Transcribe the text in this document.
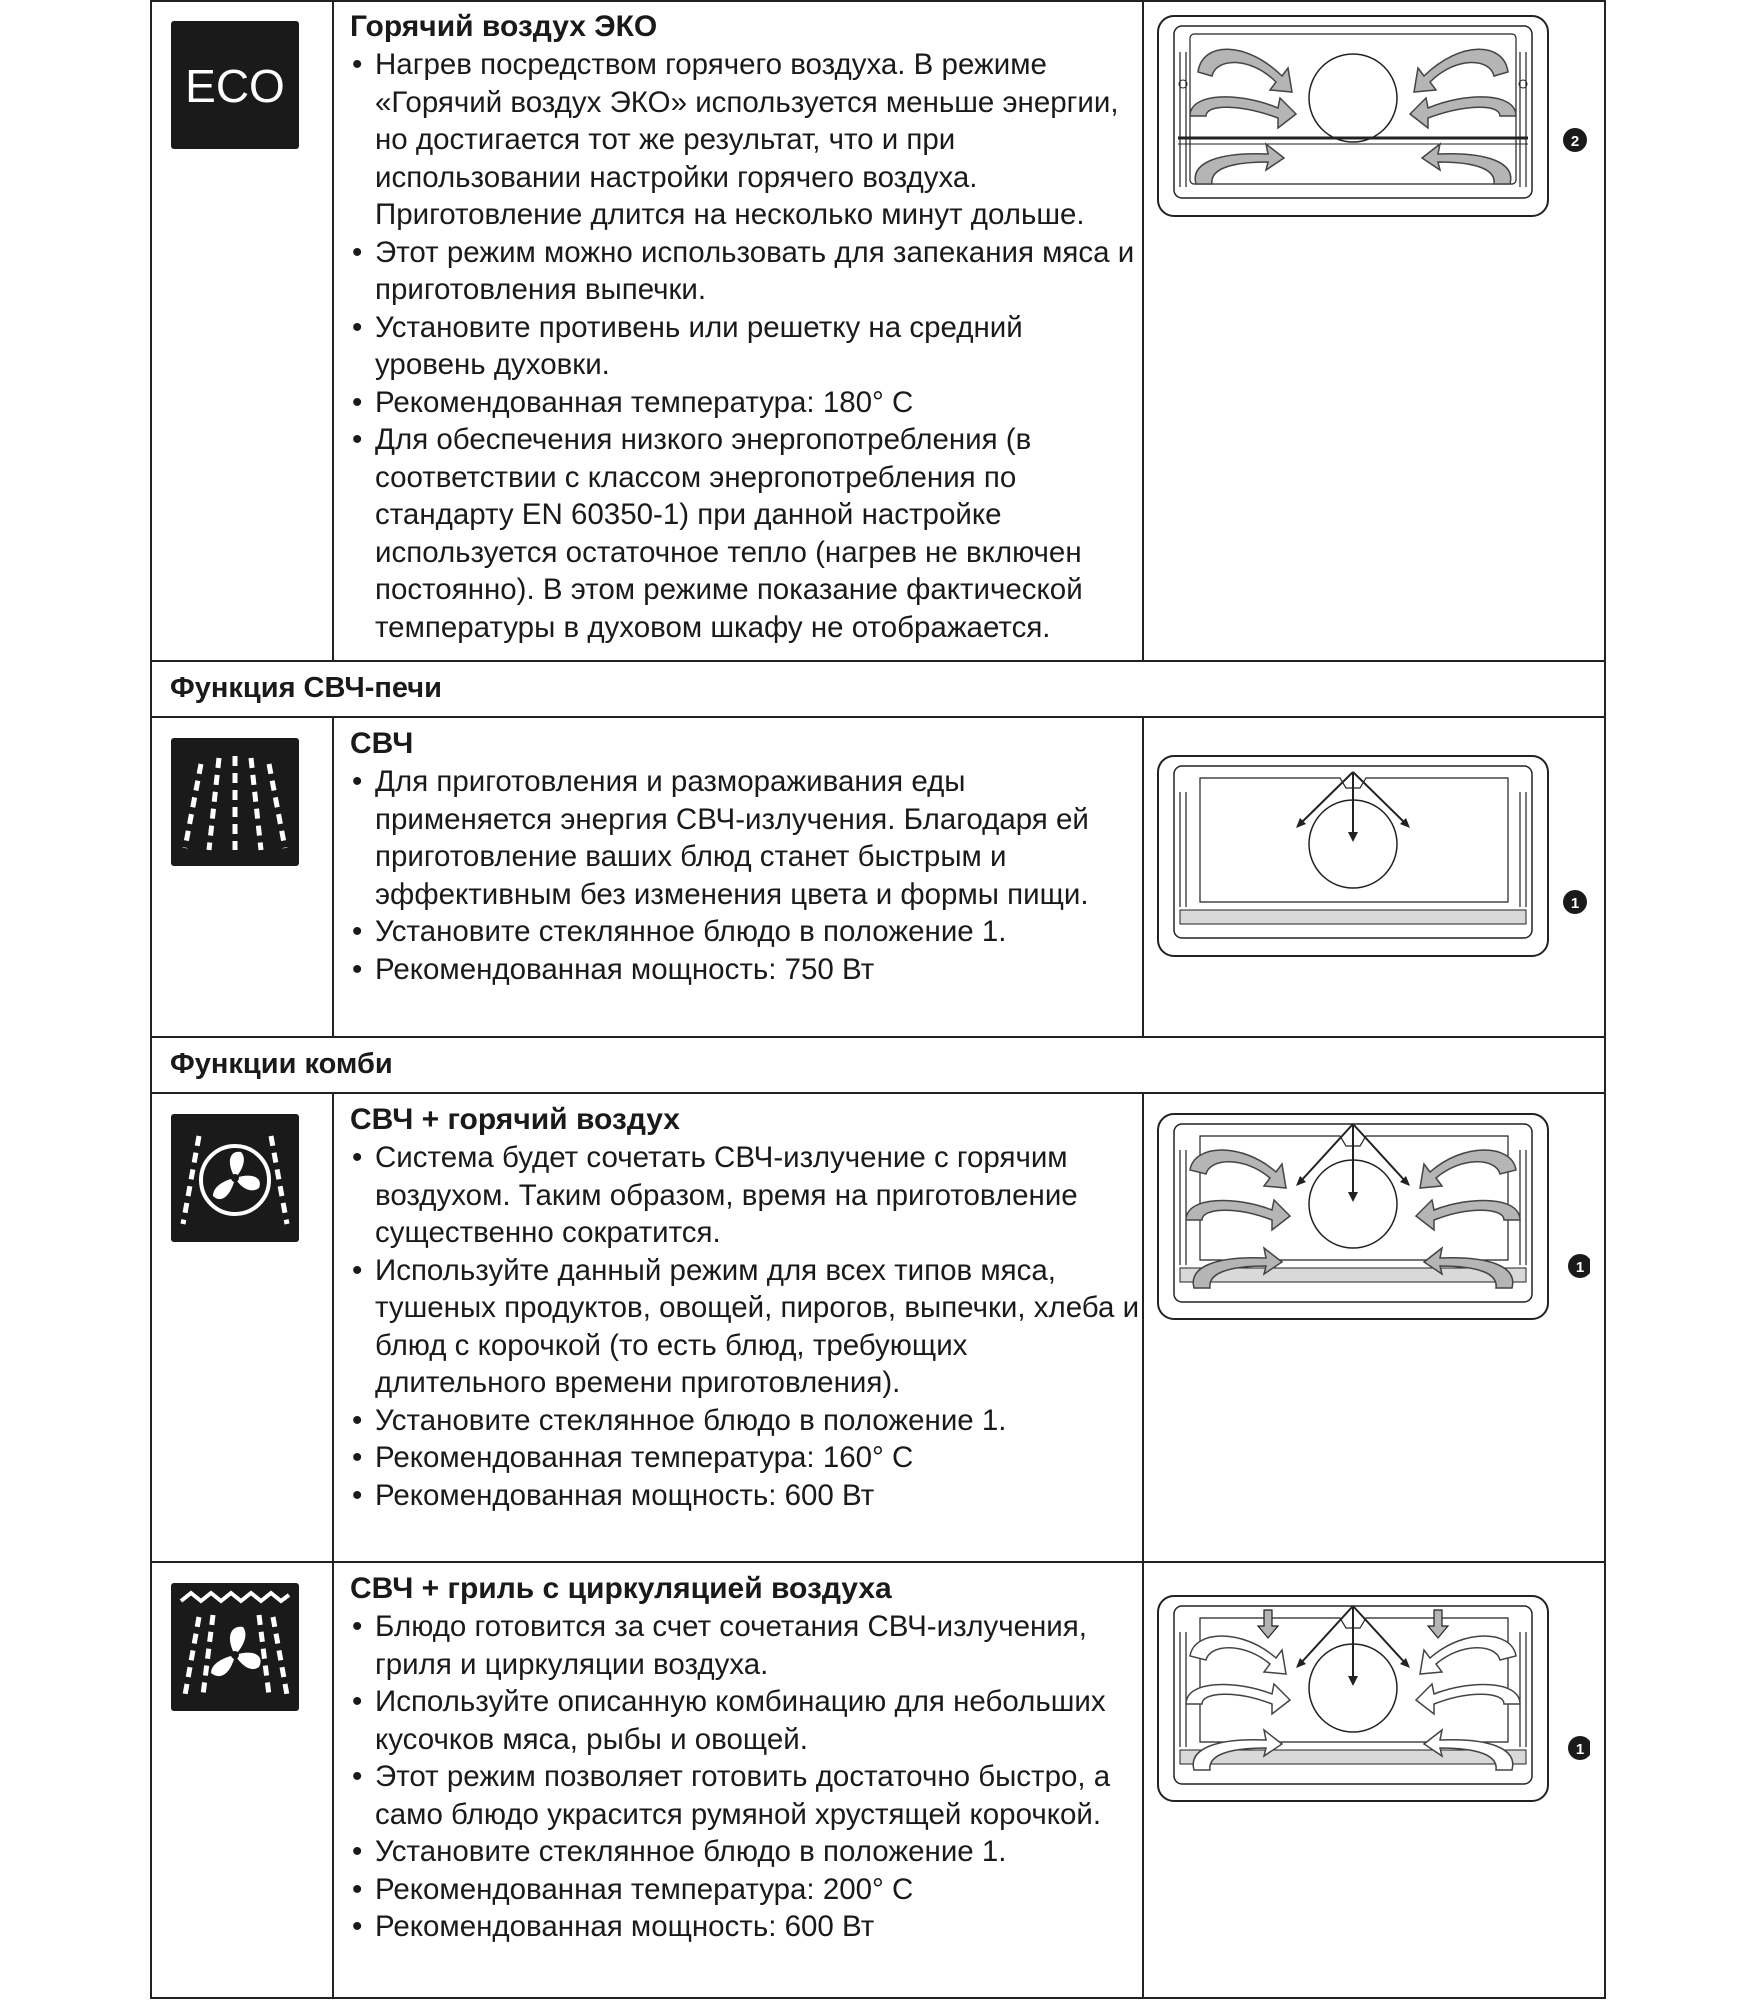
ECO

Горячий воздух ЭКО

• Нагрев посредством горячего воздуха. В режиме «Горячий воздух ЭКО» используется меньше энергии, но достигается тот же результат, что и при использовании настройки горячего воздуха. Приготовление длится на несколько минут дольше.
• Этот режим можно использовать для запекания мяса и приготовления выпечки.
• Установите противень или решетку на средний уровень духовки.
• Рекомендованная температура: 180° C
• Для обеспечения низкого энергопотребления (в соответствии с классом энергопотребления по стандарту EN 60350-1) при данной настройке используется остаточное тепло (нагрев не включен постоянно). В этом режиме показание фактической температуры в духовом шкафу не отображается.
2
Функция СВЧ-печи

СВЧ

• Для приготовления и размораживания еды применяется энергия СВЧ-излучения. Благодаря ей приготовление ваших блюд станет быстрым и эффективным без изменения цвета и формы пищи.
• Установите стеклянное блюдо в положение 1.
• Рекомендованная мощность: 750 Вт
1
Функции комби

СВЧ + горячий воздух

• Система будет сочетать СВЧ-излучение с горячим воздухом. Таким образом, время на приготовление существенно сократится.
• Используйте данный режим для всех типов мяса, тушеных продуктов, овощей, пирогов, выпечки, хлеба и блюд с корочкой (то есть блюд, требующих длительного времени приготовления).
• Установите стеклянное блюдо в положение 1.
• Рекомендованная температура: 160° C
• Рекомендованная мощность: 600 Вт
1

СВЧ + гриль с циркуляцией воздуха

• Блюдо готовится за счет сочетания СВЧ-излучения, гриля и циркуляции воздуха.
• Используйте описанную комбинацию для небольших кусочков мяса, рыбы и овощей.
• Этот режим позволяет готовить достаточно быстро, а само блюдо украсится румяной хрустящей корочкой.
• Установите стеклянное блюдо в положение 1.
• Рекомендованная температура: 200° C
• Рекомендованная мощность: 600 Вт
1
